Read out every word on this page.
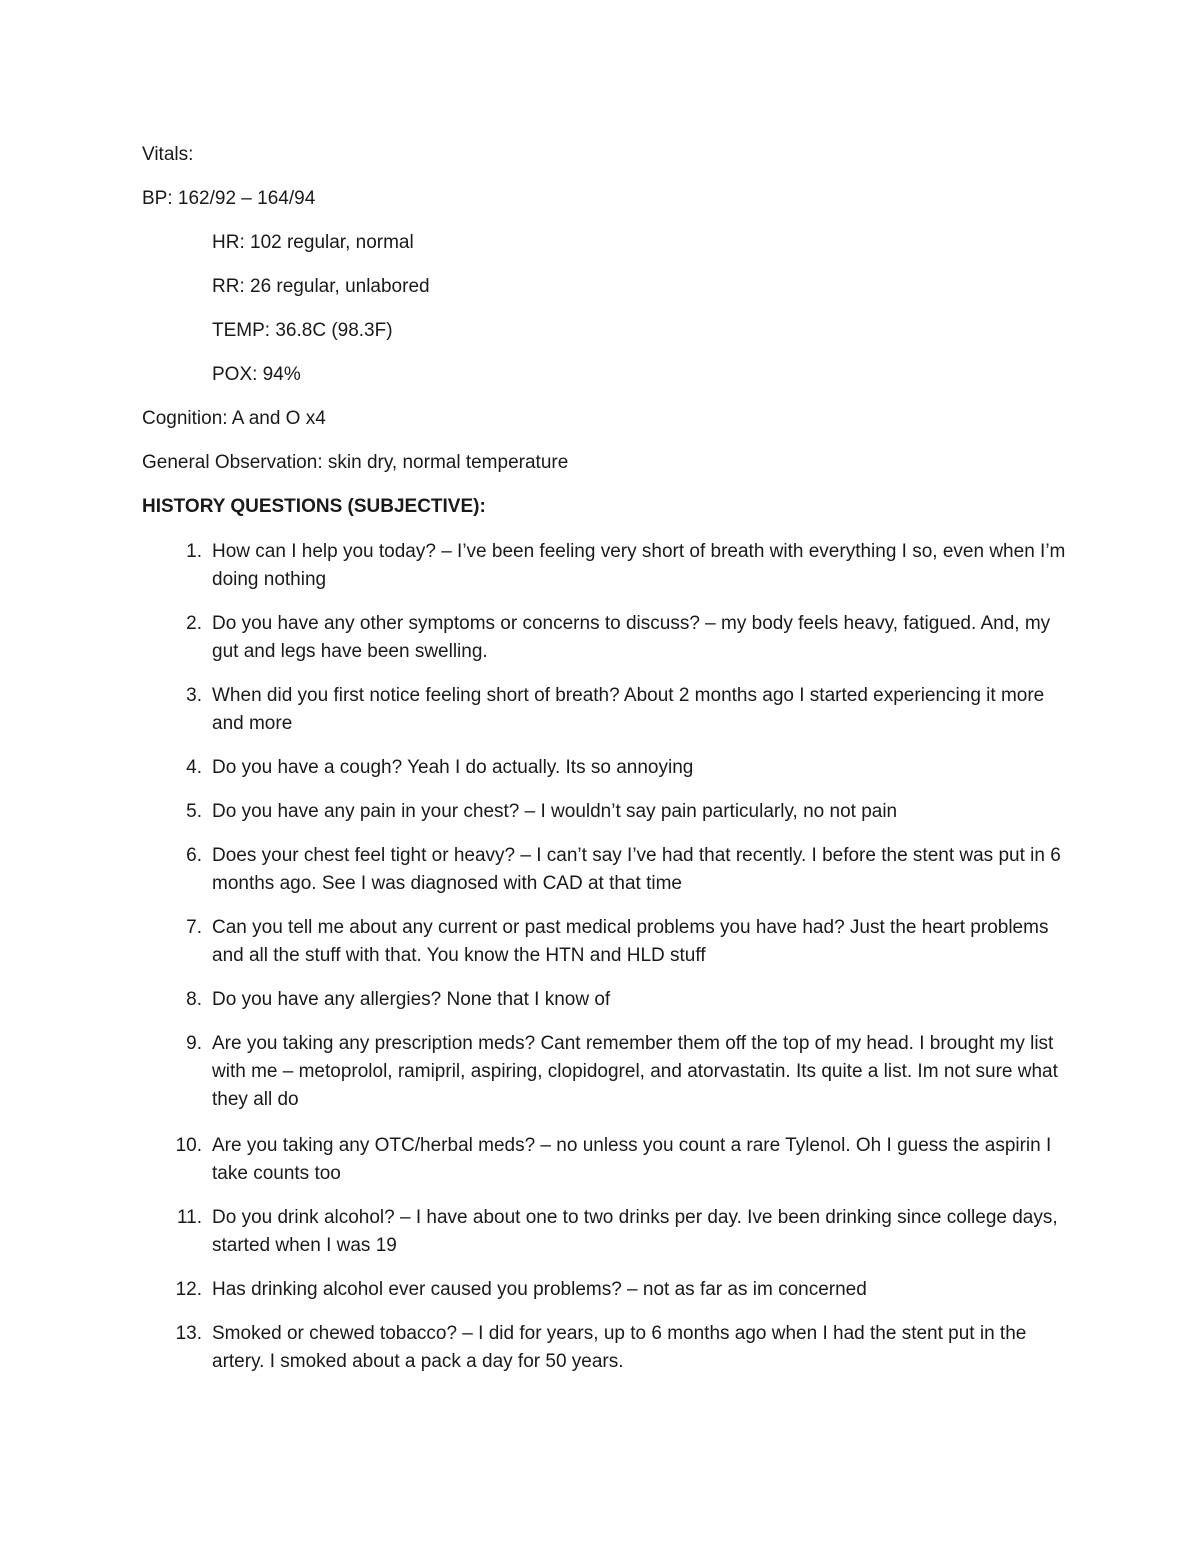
Vitals:

BP: 162/92 – 164/94

HR: 102 regular, normal

RR: 26 regular, unlabored

TEMP: 36.8C (98.3F)

POX: 94%

Cognition: A and O x4

General Observation: skin dry, normal temperature

HISTORY QUESTIONS (SUBJECTIVE):

1. How can I help you today? – I’ve been feeling very short of breath with everything I so, even when I’m doing nothing
2. Do you have any other symptoms or concerns to discuss? – my body feels heavy, fatigued. And, my gut and legs have been swelling.
3. When did you first notice feeling short of breath? About 2 months ago I started experiencing it more and more
4. Do you have a cough? Yeah I do actually. Its so annoying
5. Do you have any pain in your chest? – I wouldn’t say pain particularly, no not pain
6. Does your chest feel tight or heavy? – I can’t say I’ve had that recently. I before the stent was put in 6 months ago. See I was diagnosed with CAD at that time
7. Can you tell me about any current or past medical problems you have had? Just the heart problems and all the stuff with that. You know the HTN and HLD stuff
8. Do you have any allergies? None that I know of
9. Are you taking any prescription meds? Cant remember them off the top of my head. I brought my list with me – metoprolol, ramipril, aspiring, clopidogrel, and atorvastatin. Its quite a list. Im not sure what they all do
10. Are you taking any OTC/herbal meds? – no unless you count a rare Tylenol. Oh I guess the aspirin I take counts too
11. Do you drink alcohol? – I have about one to two drinks per day. Ive been drinking since college days, started when I was 19
12. Has drinking alcohol ever caused you problems? – not as far as im concerned
13. Smoked or chewed tobacco? – I did for years, up to 6 months ago when I had the stent put in the artery. I smoked about a pack a day for 50 years.
